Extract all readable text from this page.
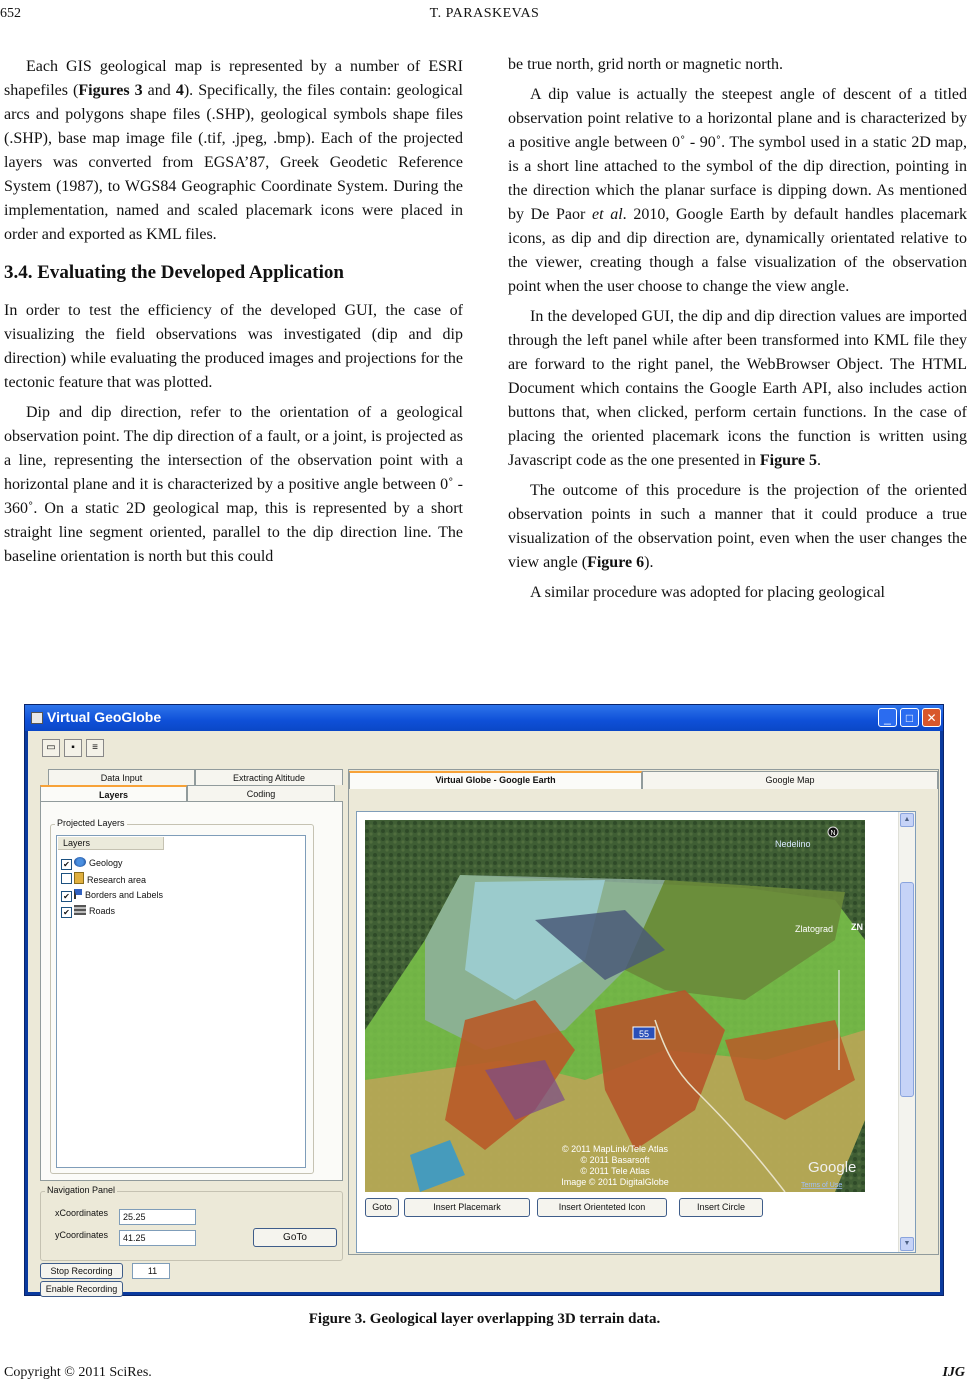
652	T. PARASKEVAS

Each GIS geological map is represented by a number of ESRI shapefiles (Figures 3 and 4). Specifically, the files contain: geological arcs and polygons shape files (.SHP), geological symbols shape files (.SHP), base map image file (.tif, .jpeg, .bmp). Each of the projected layers was converted from EGSA’87, Greek Geodetic Reference System (1987), to WGS84 Geographic Coordinate System. During the implementation, named and scaled placemark icons were placed in order and exported as KML files.

3.4. Evaluating the Developed Application

In order to test the efficiency of the developed GUI, the case of visualizing the field observations was investigated (dip and dip direction) while evaluating the produced images and projections for the tectonic feature that was plotted.

Dip and dip direction, refer to the orientation of a geological observation point. The dip direction of a fault, or a joint, is projected as a line, representing the intersection of the observation point with a horizontal plane and it is characterized by a positive angle between 0˚ - 360˚. On a static 2D geological map, this is represented by a short straight line segment oriented, parallel to the dip direction line. The baseline orientation is north but this could

be true north, grid north or magnetic north.

A dip value is actually the steepest angle of descent of a titled observation point relative to a horizontal plane and is characterized by a positive angle between 0˚ - 90˚. The symbol used in a static 2D map, is a short line attached to the symbol of the dip direction, pointing in the direction which the planar surface is dipping down. As mentioned by De Paor et al. 2010, Google Earth by default handles placemark icons, as dip and dip direction are, dynamically orientated relative to the viewer, creating though a false visualization of the observation point when the user choose to change the view angle.

In the developed GUI, the dip and dip direction values are imported through the left panel while after been transformed into KML file they are forward to the right panel, the WebBrowser Object. The HTML Document which contains the Google Earth API, also includes action buttons that, when clicked, perform certain functions. In the case of placing the oriented placemark icons the function is written using Javascript code as the one presented in Figure 5.

The outcome of this procedure is the projection of the oriented observation points in such a manner that it could produce a true visualization of the observation point, even when the user changes the view angle (Figure 6).

A similar procedure was adopted for placing geological

Virtual GeoGlobe	_	□	✕
▭ ▪ ≡
Data Input	Extracting Altitude
Layers	Coding
Projected Layers
Layers
✔ Geology
Research area
✔ Borders and Labels
✔ Roads
Navigation Panel
xCoordinates	25.25
yCoordinates	41.25	GoTo
Stop Recording	11
Enable Recording
Virtual Globe - Google Earth	Google Map
55
N
Nedelino
Zlatograd ZN
© 2011 MapLink/Tele Atlas
© 2011 Basarsoft
© 2011 Tele Atlas
Image © 2011 DigitalGlobe
Google
Terms of Use
Goto	Insert Placemark	Insert Orienteted Icon	Insert Circle
▲
▼
Figure 3. Geological layer overlapping 3D terrain data.
Copyright © 2011 SciRes.	IJG
